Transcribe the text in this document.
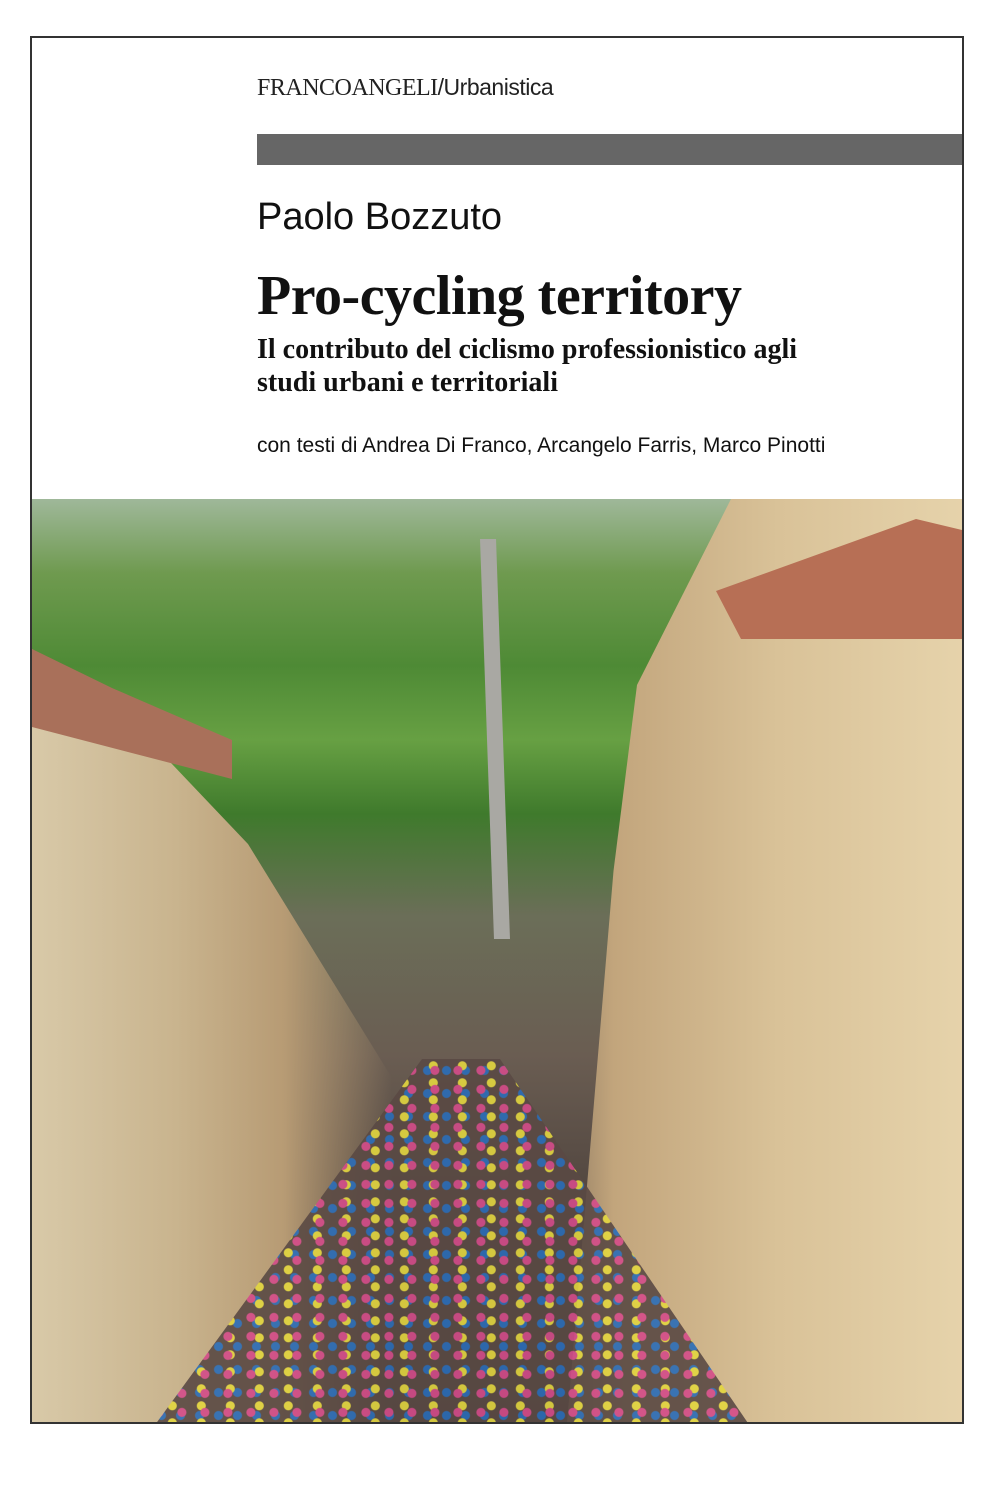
FRANCOANGELI/Urbanistica
Paolo Bozzuto
Pro-cycling territory
Il contributo del ciclismo professionistico agli
studi urbani e territoriali
con testi di Andrea Di Franco, Arcangelo Farris, Marco Pinotti
